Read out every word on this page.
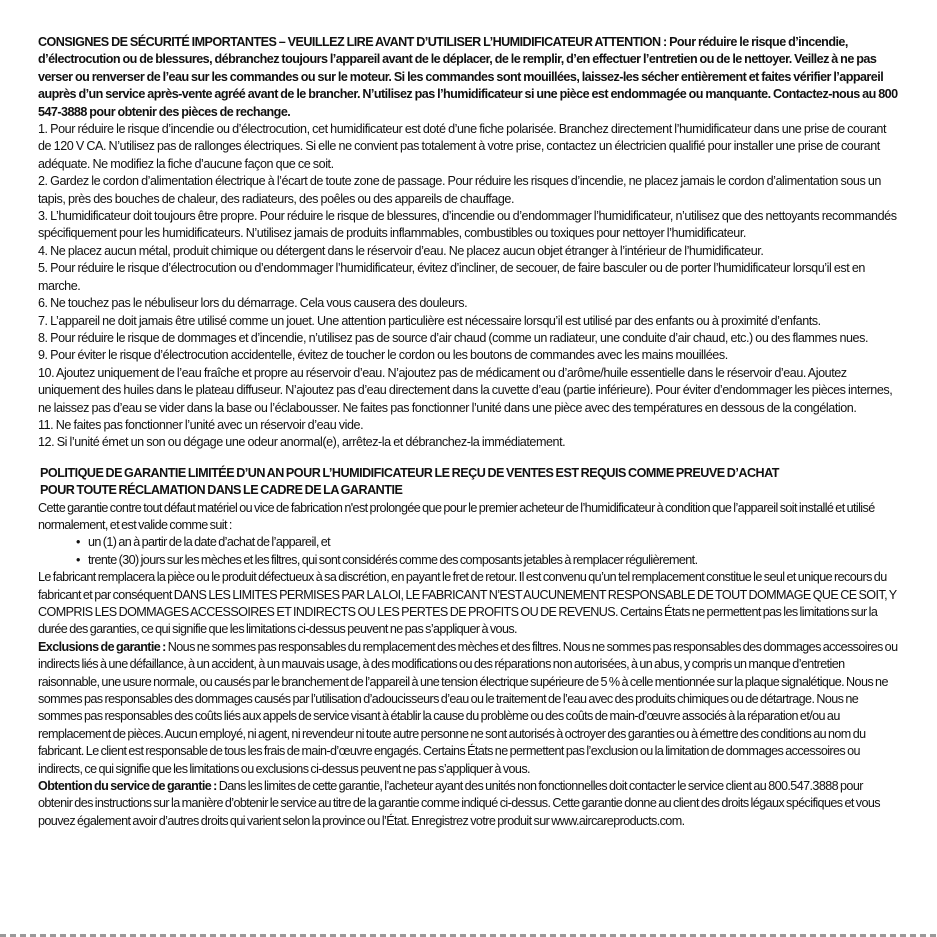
CONSIGNES DE SÉCURITÉ IMPORTANTES – VEUILLEZ LIRE AVANT D’UTILISER L’HUMIDIFICATEUR ATTENTION : Pour réduire le risque d’incendie, d’électrocution ou de blessures, débranchez toujours l’appareil avant de le déplacer, de le remplir, d’en effectuer l’entretien ou de le nettoyer. Veillez à ne pas verser ou renverser de l’eau sur les commandes ou sur le moteur. Si les commandes sont mouillées, laissez-les sécher entièrement et faites vérifier l’appareil auprès d’un service après-vente agréé avant de le brancher. N’utilisez pas l’humidificateur si une pièce est endommagée ou manquante. Contactez-nous au 800 547-3888 pour obtenir des pièces de rechange.

1. Pour réduire le risque d’incendie ou d’électrocution, cet humidificateur est doté d’une fiche polarisée. Branchez directement l’humidificateur dans une prise de courant de 120 V CA. N’utilisez pas de rallonges électriques. Si elle ne convient pas totalement à votre prise, contactez un électricien qualifié pour installer une prise de courant adéquate. Ne modifiez la fiche d’aucune façon que ce soit.

2. Gardez le cordon d’alimentation électrique à l’écart de toute zone de passage. Pour réduire les risques d’incendie, ne placez jamais le cordon d’alimentation sous un tapis, près des bouches de chaleur, des radiateurs, des poêles ou des appareils de chauffage.

3. L’humidificateur doit toujours être propre. Pour réduire le risque de blessures, d’incendie ou d’endommager l’humidificateur, n’utilisez que des nettoyants recommandés spécifiquement pour les humidificateurs. N’utilisez jamais de produits inflammables, combustibles ou toxiques pour nettoyer l’humidificateur.

4. Ne placez aucun métal, produit chimique ou détergent dans le réservoir d’eau. Ne placez aucun objet étranger à l’intérieur de l’humidificateur.

5. Pour réduire le risque d’électrocution ou d’endommager l’humidificateur, évitez d’incliner, de secouer, de faire basculer ou de porter l’humidificateur lorsqu’il est en marche.

6. Ne touchez pas le nébuliseur lors du démarrage. Cela vous causera des douleurs.

7. L’appareil ne doit jamais être utilisé comme un jouet. Une attention particulière est nécessaire lorsqu’il est utilisé par des enfants ou à proximité d’enfants.

8. Pour réduire le risque de dommages et d’incendie, n’utilisez pas de source d’air chaud (comme un radiateur, une conduite d’air chaud, etc.) ou des flammes nues.

9. Pour éviter le risque d’électrocution accidentelle, évitez de toucher le cordon ou les boutons de commandes avec les mains mouillées.

10. Ajoutez uniquement de l’eau fraîche et propre au réservoir d’eau. N’ajoutez pas de médicament ou d’arôme/huile essentielle dans le réservoir d’eau. Ajoutez uniquement des huiles dans le plateau diffuseur. N’ajoutez pas d’eau directement dans la cuvette d’eau (partie inférieure). Pour éviter d’endommager les pièces internes, ne laissez pas d’eau se vider dans la base ou l’éclabousser. Ne faites pas fonctionner l’unité dans une pièce avec des températures en dessous de la congélation.

11. Ne faites pas fonctionner l’unité avec un réservoir d’eau vide.

12. Si l’unité émet un son ou dégage une odeur anormal(e), arrêtez-la et débranchez-la immédiatement.

POLITIQUE DE GARANTIE LIMITÉE D’UN AN POUR L’HUMIDIFICATEUR LE REÇU DE VENTES EST REQUIS COMME PREUVE D’ACHAT

POUR TOUTE RÉCLAMATION DANS LE CADRE DE LA GARANTIE

Cette garantie contre tout défaut matériel ou vice de fabrication n'est prolongée que pour le premier acheteur de l’humidificateur à condition que l’appareil soit installé et utilisé normalement, et est valide comme suit :

• un (1) an à partir de la date d’achat de l’appareil, et
• trente (30) jours sur les mèches et les filtres, qui sont considérés comme des composants jetables à remplacer régulièrement.

Le fabricant remplacera la pièce ou le produit défectueux à sa discrétion, en payant le fret de retour. Il est convenu qu’un tel remplacement constitue le seul et unique recours du fabricant et par conséquent DANS LES LIMITES PERMISES PAR LA LOI, LE FABRICANT N’EST AUCUNEMENT RESPONSABLE DE TOUT DOMMAGE QUE CE SOIT, Y COMPRIS LES DOMMAGES ACCESSOIRES ET INDIRECTS OU LES PERTES DE PROFITS OU DE REVENUS. Certains États ne permettent pas les limitations sur la durée des garanties, ce qui signifie que les limitations ci-dessus peuvent ne pas s’appliquer à vous.

Exclusions de garantie : Nous ne sommes pas responsables du remplacement des mèches et des filtres. Nous ne sommes pas responsables des dommages accessoires ou indirects liés à une défaillance, à un accident, à un mauvais usage, à des modifications ou des réparations non autorisées, à un abus, y compris un manque d’entretien raisonnable, une usure normale, ou causés par le branchement de l’appareil à une tension électrique supérieure de 5 % à celle mentionnée sur la plaque signalétique. Nous ne sommes pas responsables des dommages causés par l’utilisation d’adoucisseurs d’eau ou le traitement de l’eau avec des produits chimiques ou de détartrage. Nous ne sommes pas responsables des coûts liés aux appels de service visant à établir la cause du problème ou des coûts de main-d’œuvre associés à la réparation et/ou au remplacement de pièces. Aucun employé, ni agent, ni revendeur ni toute autre personne ne sont autorisés à octroyer des garanties ou à émettre des conditions au nom du fabricant. Le client est responsable de tous les frais de main-d’œuvre engagés. Certains États ne permettent pas l’exclusion ou la limitation de dommages accessoires ou indirects, ce qui signifie que les limitations ou exclusions ci-dessus peuvent ne pas s’appliquer à vous.

Obtention du service de garantie : Dans les limites de cette garantie, l’acheteur ayant des unités non fonctionnelles doit contacter le service client au 800.547.3888 pour obtenir des instructions sur la manière d’obtenir le service au titre de la garantie comme indiqué ci-dessus. Cette garantie donne au client des droits légaux spécifiques et vous pouvez également avoir d’autres droits qui varient selon la province ou l’État. Enregistrez votre produit sur www.aircareproducts.com.
